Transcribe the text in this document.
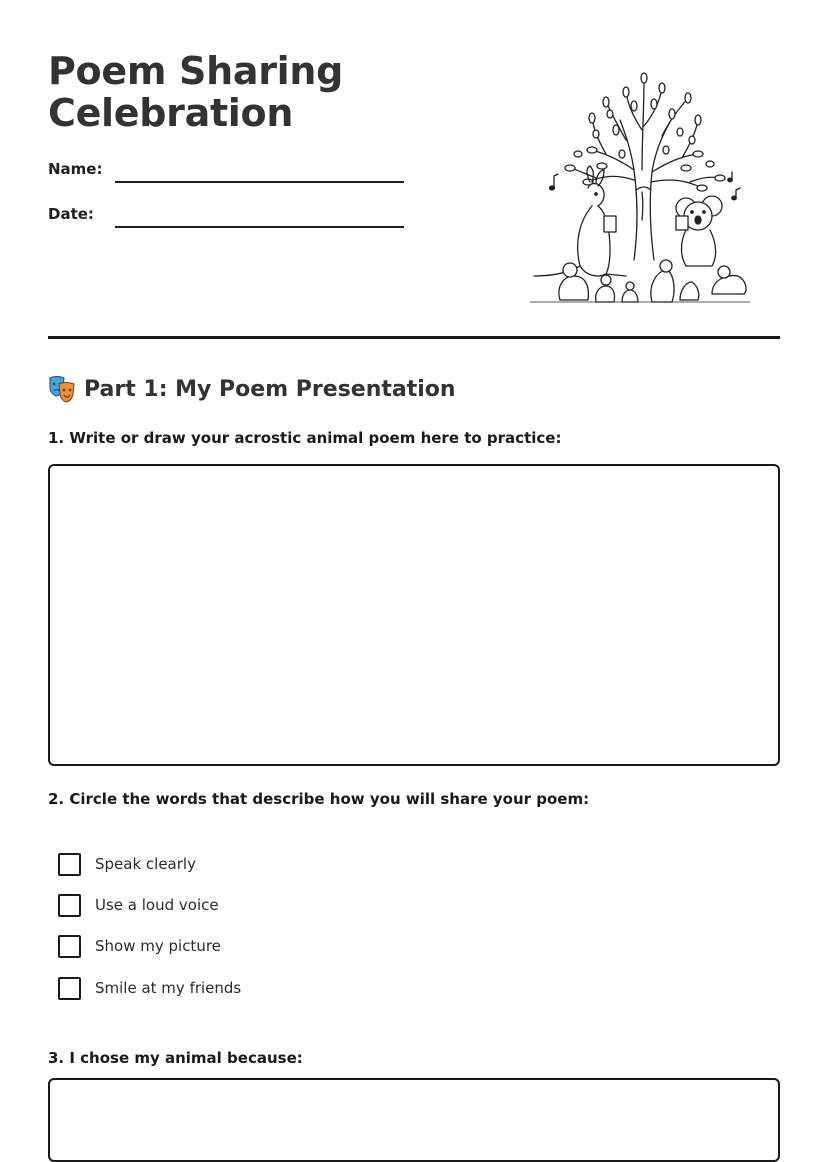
Poem Sharing
Celebration
Name:
Date:
Part 1: My Poem Presentation

1. Write or draw your acrostic animal poem here to practice:

2. Circle the words that describe how you will share your poem:

Speak clearly
Use a loud voice
Show my picture
Smile at my friends

3. I chose my animal because:
